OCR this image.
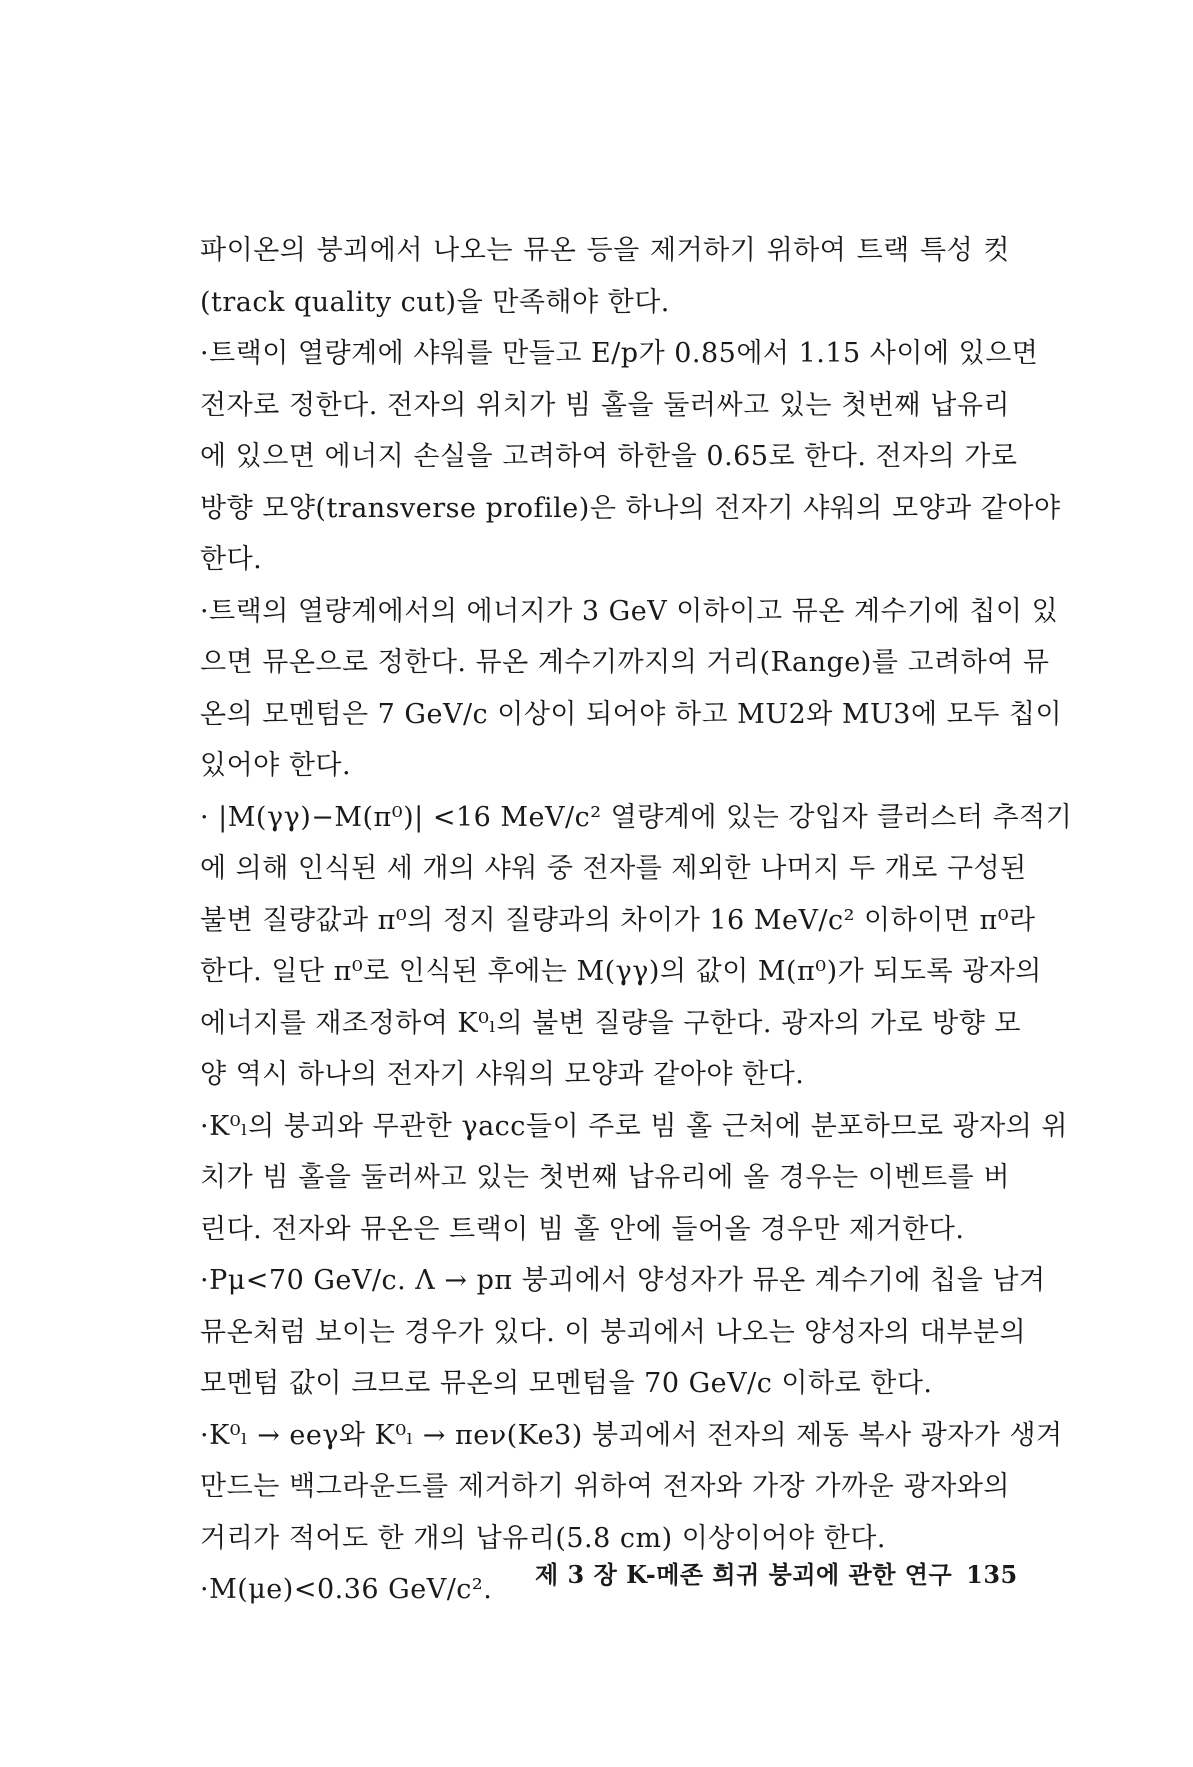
파이온의 붕괴에서 나오는 뮤온 등을 제거하기 위하여 트랙 특성 컷
(track quality cut)을 만족해야 한다.
·트랙이 열량계에 샤워를 만들고 E/p가 0.85에서 1.15 사이에 있으면
전자로 정한다. 전자의 위치가 빔 홀을 둘러싸고 있는 첫번째 납유리
에 있으면 에너지 손실을 고려하여 하한을 0.65로 한다. 전자의 가로
방향 모양(transverse profile)은 하나의 전자기 샤워의 모양과 같아야
한다.
·트랙의 열량계에서의 에너지가 3 GeV 이하이고 뮤온 계수기에 칩이 있
으면 뮤온으로 정한다. 뮤온 계수기까지의 거리(Range)를 고려하여 뮤
온의 모멘텀은 7 GeV/c 이상이 되어야 하고 MU2와 MU3에 모두 칩이
있어야 한다.
· |M(γγ)−M(π⁰)| <16 MeV/c² 열량계에 있는 강입자 클러스터 추적기
에 의해 인식된 세 개의 샤워 중 전자를 제외한 나머지 두 개로 구성된
불변 질량값과 π⁰의 정지 질량과의 차이가 16 MeV/c² 이하이면 π⁰라
한다. 일단 π⁰로 인식된 후에는 M(γγ)의 값이 M(π⁰)가 되도록 광자의
에너지를 재조정하여 K⁰ₗ의 불변 질량을 구한다. 광자의 가로 방향 모
양 역시 하나의 전자기 샤워의 모양과 같아야 한다.
·K⁰ₗ의 붕괴와 무관한 γacc들이 주로 빔 홀 근처에 분포하므로 광자의 위
치가 빔 홀을 둘러싸고 있는 첫번째 납유리에 올 경우는 이벤트를 버
린다. 전자와 뮤온은 트랙이 빔 홀 안에 들어올 경우만 제거한다.
·Pμ<70 GeV/c. Λ → pπ 붕괴에서 양성자가 뮤온 계수기에 칩을 남겨
뮤온처럼 보이는 경우가 있다. 이 붕괴에서 나오는 양성자의 대부분의
모멘텀 값이 크므로 뮤온의 모멘텀을 70 GeV/c 이하로 한다.
·K⁰ₗ → eeγ와 K⁰ₗ → πeν(Ke3) 붕괴에서 전자의 제동 복사 광자가 생겨
만드는 백그라운드를 제거하기 위하여 전자와 가장 가까운 광자와의
거리가 적어도 한 개의 납유리(5.8 cm) 이상이어야 한다.
·M(μe)<0.36 GeV/c².	제 3 장 K-메존 희귀 붕괴에 관한 연구 135
